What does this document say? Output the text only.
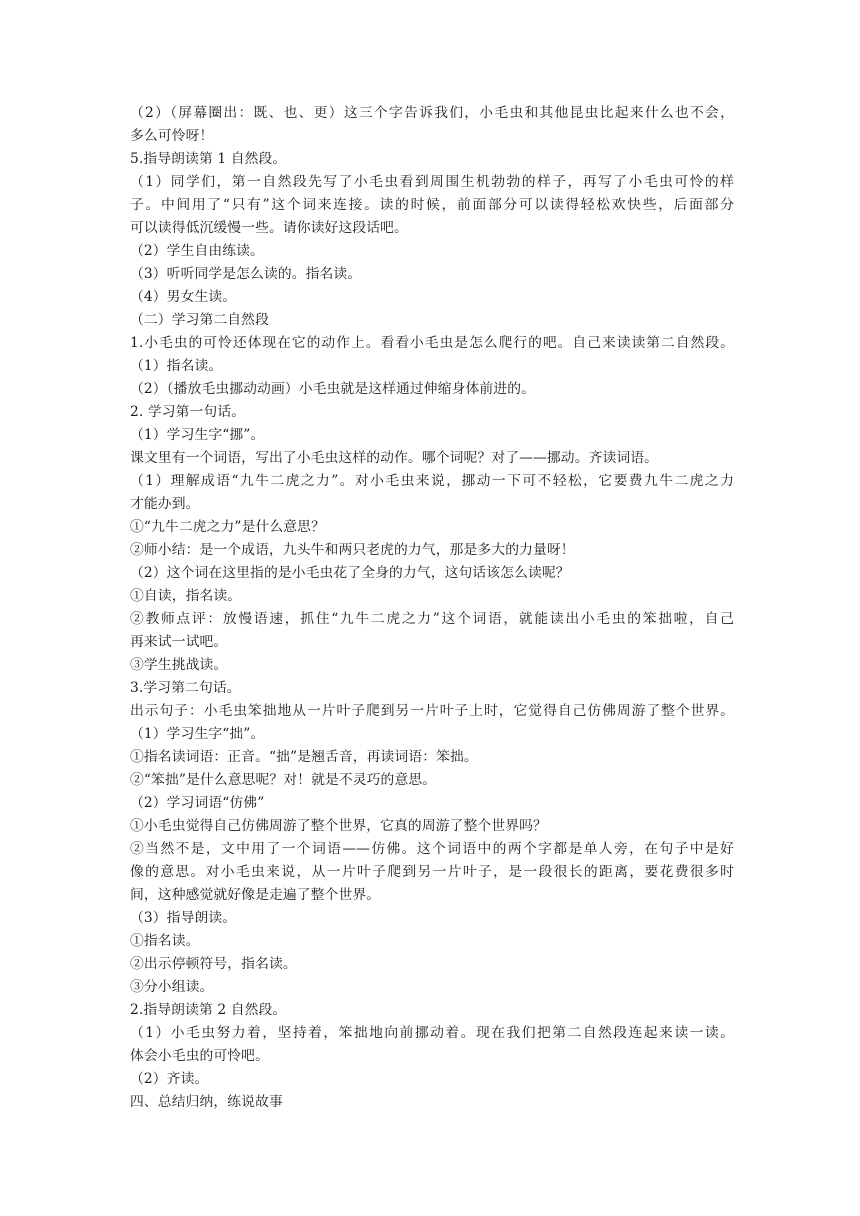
（2）（屏幕圈出：既、也、更）这三个字告诉我们，小毛虫和其他昆虫比起来什么也不会，
多么可怜呀！
5.指导朗读第 1 自然段。
（1）同学们，第一自然段先写了小毛虫看到周围生机勃勃的样子，再写了小毛虫可怜的样
子。中间用了“只有”这个词来连接。读的时候，前面部分可以读得轻松欢快些，后面部分
可以读得低沉缓慢一些。请你读好这段话吧。
（2）学生自由练读。
（3）听听同学是怎么读的。指名读。
（4）男女生读。
（二）学习第二自然段
1.小毛虫的可怜还体现在它的动作上。看看小毛虫是怎么爬行的吧。自己来读读第二自然段。
（1）指名读。
（2）（播放毛虫挪动动画）小毛虫就是这样通过伸缩身体前进的。
2. 学习第一句话。
（1）学习生字“挪”。
课文里有一个词语，写出了小毛虫这样的动作。哪个词呢？对了——挪动。齐读词语。
（1）理解成语“九牛二虎之力”。对小毛虫来说，挪动一下可不轻松，它要费九牛二虎之力
才能办到。
①“九牛二虎之力”是什么意思？
②师小结：是一个成语，九头牛和两只老虎的力气，那是多大的力量呀！
（2）这个词在这里指的是小毛虫花了全身的力气，这句话该怎么读呢？
①自读，指名读。
②教师点评：放慢语速，抓住“九牛二虎之力”这个词语，就能读出小毛虫的笨拙啦，自己
再来试一试吧。
③学生挑战读。
3.学习第二句话。
出示句子：小毛虫笨拙地从一片叶子爬到另一片叶子上时，它觉得自己仿佛周游了整个世界。
（1）学习生字“拙”。
①指名读词语：正音。“拙”是翘舌音，再读词语：笨拙。
②“笨拙”是什么意思呢？对！就是不灵巧的意思。
（2）学习词语“仿佛”
①小毛虫觉得自己仿佛周游了整个世界，它真的周游了整个世界吗？
②当然不是，文中用了一个词语——仿佛。这个词语中的两个字都是单人旁，在句子中是好
像的意思。对小毛虫来说，从一片叶子爬到另一片叶子，是一段很长的距离，要花费很多时
间，这种感觉就好像是走遍了整个世界。
（3）指导朗读。
①指名读。
②出示停顿符号，指名读。
③分小组读。
2.指导朗读第 2 自然段。
（1）小毛虫努力着，坚持着，笨拙地向前挪动着。现在我们把第二自然段连起来读一读。
体会小毛虫的可怜吧。
（2）齐读。
四、总结归纳，练说故事
